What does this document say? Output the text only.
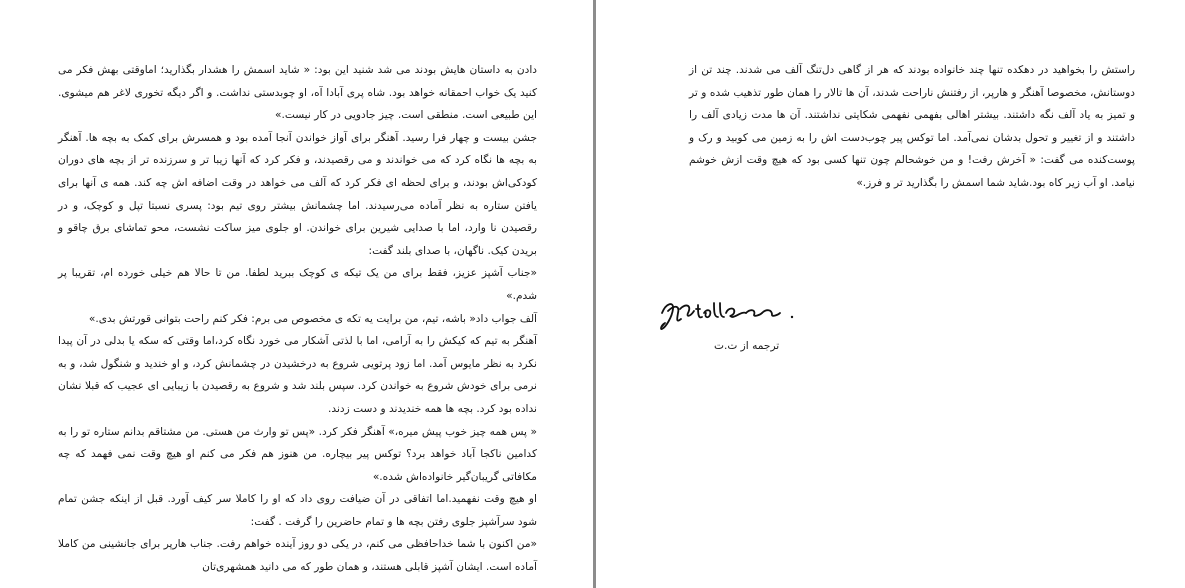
دادن به داستان هایش بودند می شد شنید این بود: « شاید اسمش را هشدار بگذارید؛ اماوقتی بهش فکر می کنید یک خواب احمقانه خواهد بود. شاه پری آبادا آه، او چوبدستی نداشت. و اگر دیگه تخوری لاغر هم میشوی. این طبیعی است. منطقی است. چیز جادویی در کار نیست.»

جشن بیست و چهار فرا رسید. آهنگر برای آواز خواندن آنجا آمده بود و همسرش برای کمک به بچه ها. آهنگر به بچه ها نگاه کرد که می خواندند و می رقصیدند، و فکر کرد که آنها زیبا تر و سرزنده تر از بچه های دوران کودکی‌اش بودند، و برای لحظه ای فکر کرد که آلف می خواهد در وقت اضافه اش چه کند. همه ی آنها برای یافتن ستاره به نظر آماده می‌رسیدند. اما چشمانش بیشتر روی تیم بود: پسری نسبتا تپل و کوچک، و در رقصیدن نا وارد، اما با صدایی شیرین برای خواندن. او جلوی میز ساکت نشست، محو تماشای برق چاقو و بریدن کیک. ناگهان، با صدای بلند گفت:

«جناب آشپز عزیز، فقط برای من یک تیکه ی کوچک ببرید لطفا. من تا حالا هم خیلی خورده ام، تقریبا پر شدم.»

آلف جواب داد« باشه، تیم، من برایت یه تکه ی مخصوص می برم: فکر کنم راحت بتوانی قورتش بدی.»

آهنگر به تیم که کیکش را به آرامی، اما با لذتی آشکار می خورد نگاه کرد،اما وقتی که سکه یا بدلی در آن پیدا نکرد به نظر مایوس آمد. اما زود پرتویی شروع به درخشیدن در چشمانش کرد، و او خندید و شنگول شد، و به نرمی برای خودش شروع به خواندن کرد. سپس بلند شد و شروع به رقصیدن با زیبایی ای عجیب که قبلا نشان نداده بود کرد. بچه ها همه خندیدند و دست زدند.

« پس همه چیز خوب پیش میره،» آهنگر فکر کرد. «پس تو وارث من هستی. من مشتاقم بدانم ستاره تو را به کدامین ناکجا آباد خواهد برد؟ توکس پیر بیچاره. من هنوز هم فکر می کنم او هیچ وقت نمی فهمد که چه مکافاتی گریبان‌گیر خانواده‌اش شده.»

او هیچ وقت نفهمید.اما اتفاقی در آن ضیافت روی داد که او را کاملا سر کیف آورد. قبل از اینکه جشن تمام شود سرآشپز جلوی رفتن بچه ها و تمام حاضرین را گرفت . گفت:

«من اکنون با شما خداحافظی می کنم، در یکی دو روز آینده خواهم رفت. جناب هارپر برای جانشینی من کاملا آماده است. ایشان آشپز قابلی هستند، و همان طور که می دانید همشهری‌تان

راستش را بخواهید در دهکده تنها چند خانواده بودند که هر از گاهی دل‌تنگ آلف می شدند. چند تن از دوستانش، مخصوصا آهنگر و هارپر، از رفتنش ناراحت شدند، آن ها تالار را همان طور تذهیب شده و تر و تمیز به یاد آلف نگه داشتند. بیشتر اهالی بفهمی نفهمی شکایتی نداشتند. آن ها مدت زیادی آلف را داشتند و از تغییر و تحول بدشان نمی‌آمد. اما توکس پیر چوب‌دست اش را به زمین می کوبید و رک و پوست‌کنده می گفت: « آخرش رفت! و من خوشحالم چون تنها کسی بود که هیچ وقت ازش خوشم نیامد. او آب زیر کاه بود.شاید شما اسمش را بگذارید تر و فرز.»

ترجمه از ت.ت
